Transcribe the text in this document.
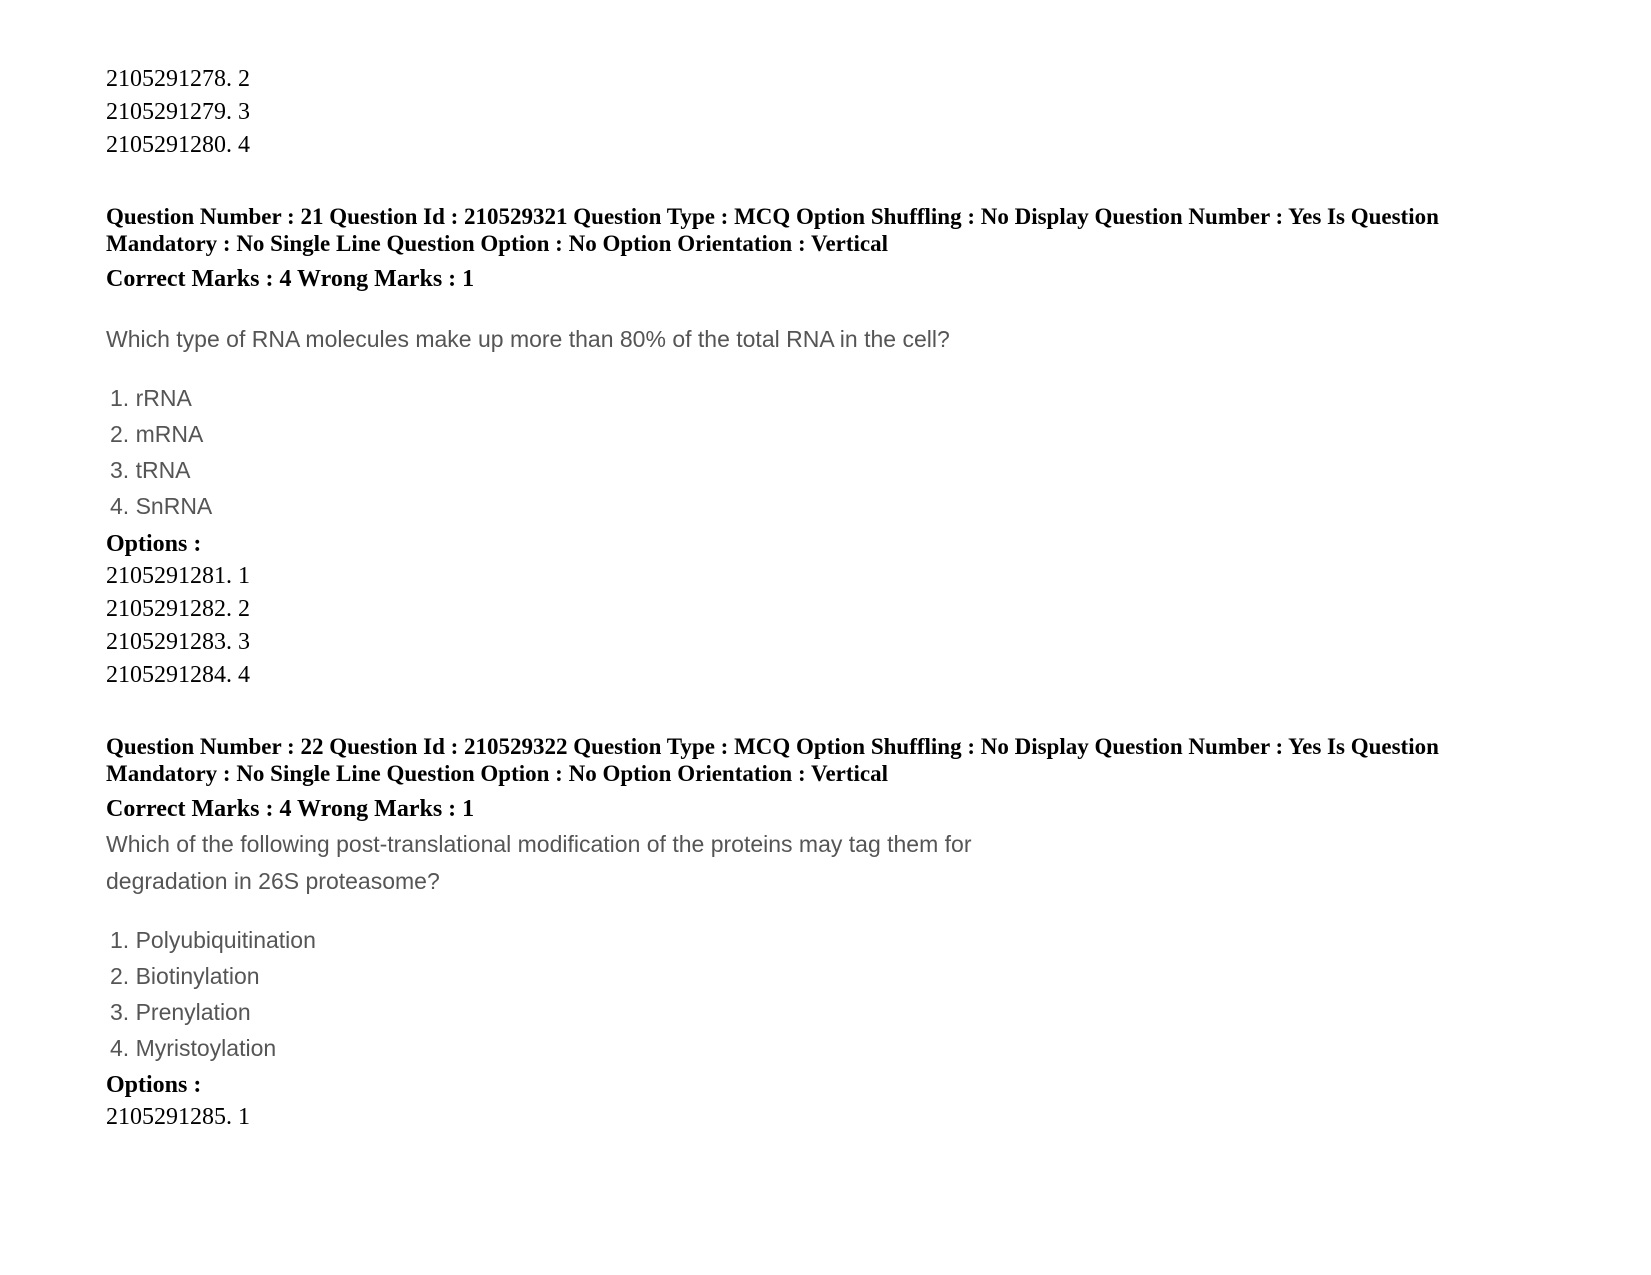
2105291278. 2
2105291279. 3
2105291280. 4
Question Number : 21 Question Id : 210529321 Question Type : MCQ Option Shuffling : No Display Question Number : Yes Is Question
Mandatory : No Single Line Question Option : No Option Orientation : Vertical
Correct Marks : 4 Wrong Marks : 1
Which type of RNA molecules make up more than 80% of the total RNA in the cell?
1. rRNA
2. mRNA
3. tRNA
4. SnRNA
Options :
2105291281. 1
2105291282. 2
2105291283. 3
2105291284. 4
Question Number : 22 Question Id : 210529322 Question Type : MCQ Option Shuffling : No Display Question Number : Yes Is Question
Mandatory : No Single Line Question Option : No Option Orientation : Vertical
Correct Marks : 4 Wrong Marks : 1
Which of the following post-translational modification of the proteins may tag them for
degradation in 26S proteasome?
1. Polyubiquitination
2. Biotinylation
3. Prenylation
4. Myristoylation
Options :
2105291285. 1
